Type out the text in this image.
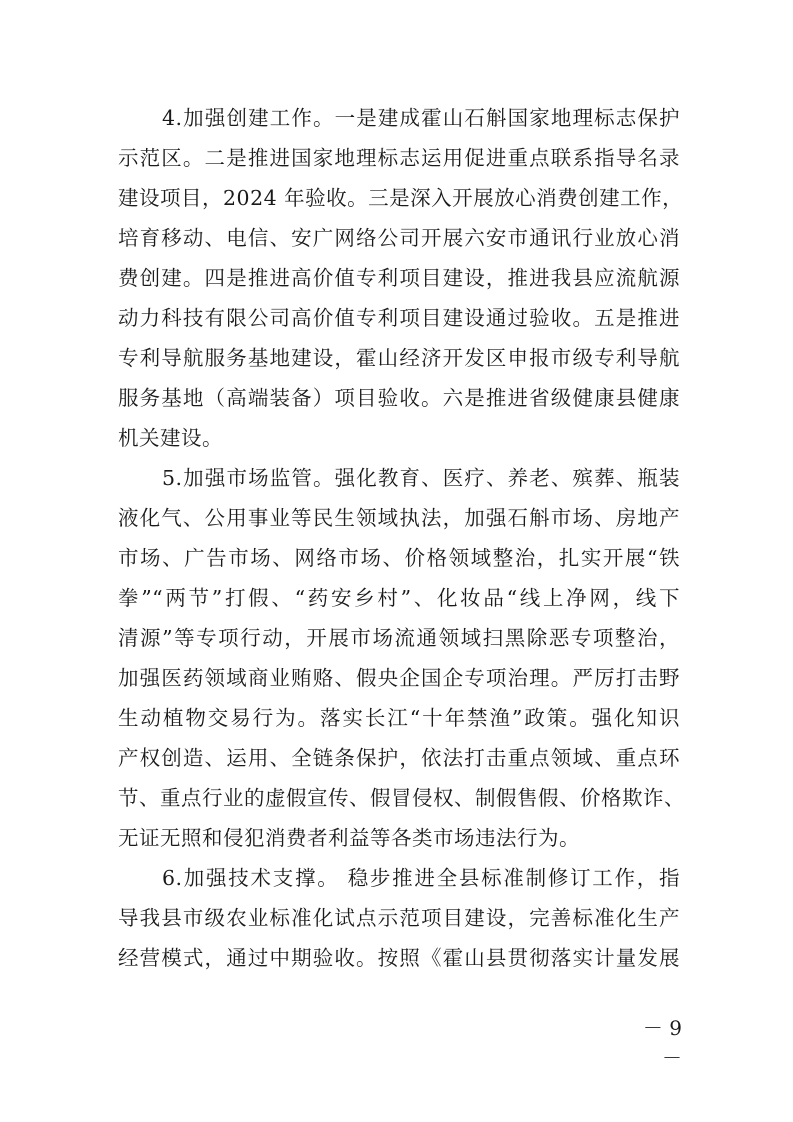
4.加强创建工作。一是建成霍山石斛国家地理标志保护
示范区。二是推进国家地理标志运用促进重点联系指导名录
建设项目，2024 年验收。三是深入开展放心消费创建工作，
培育移动、电信、安广网络公司开展六安市通讯行业放心消
费创建。四是推进高价值专利项目建设，推进我县应流航源
动力科技有限公司高价值专利项目建设通过验收。五是推进
专利导航服务基地建设，霍山经济开发区申报市级专利导航
服务基地（高端装备）项目验收。六是推进省级健康县健康
机关建设。
5.加强市场监管。强化教育、医疗、养老、殡葬、瓶装
液化气、公用事业等民生领域执法，加强石斛市场、房地产
市场、广告市场、网络市场、价格领域整治，扎实开展“铁
拳”“两节”打假、“药安乡村”、化妆品“线上净网，线下
清源”等专项行动，开展市场流通领域扫黑除恶专项整治，
加强医药领域商业贿赂、假央企国企专项治理。严厉打击野
生动植物交易行为。落实长江“十年禁渔”政策。强化知识
产权创造、运用、全链条保护，依法打击重点领域、重点环
节、重点行业的虚假宣传、假冒侵权、制假售假、价格欺诈、
无证无照和侵犯消费者利益等各类市场违法行为。
6.加强技术支撑。 稳步推进全县标准制修订工作，指
导我县市级农业标准化试点示范项目建设，完善标准化生产
经营模式，通过中期验收。按照《霍山县贯彻落实计量发展
－ 9 －
